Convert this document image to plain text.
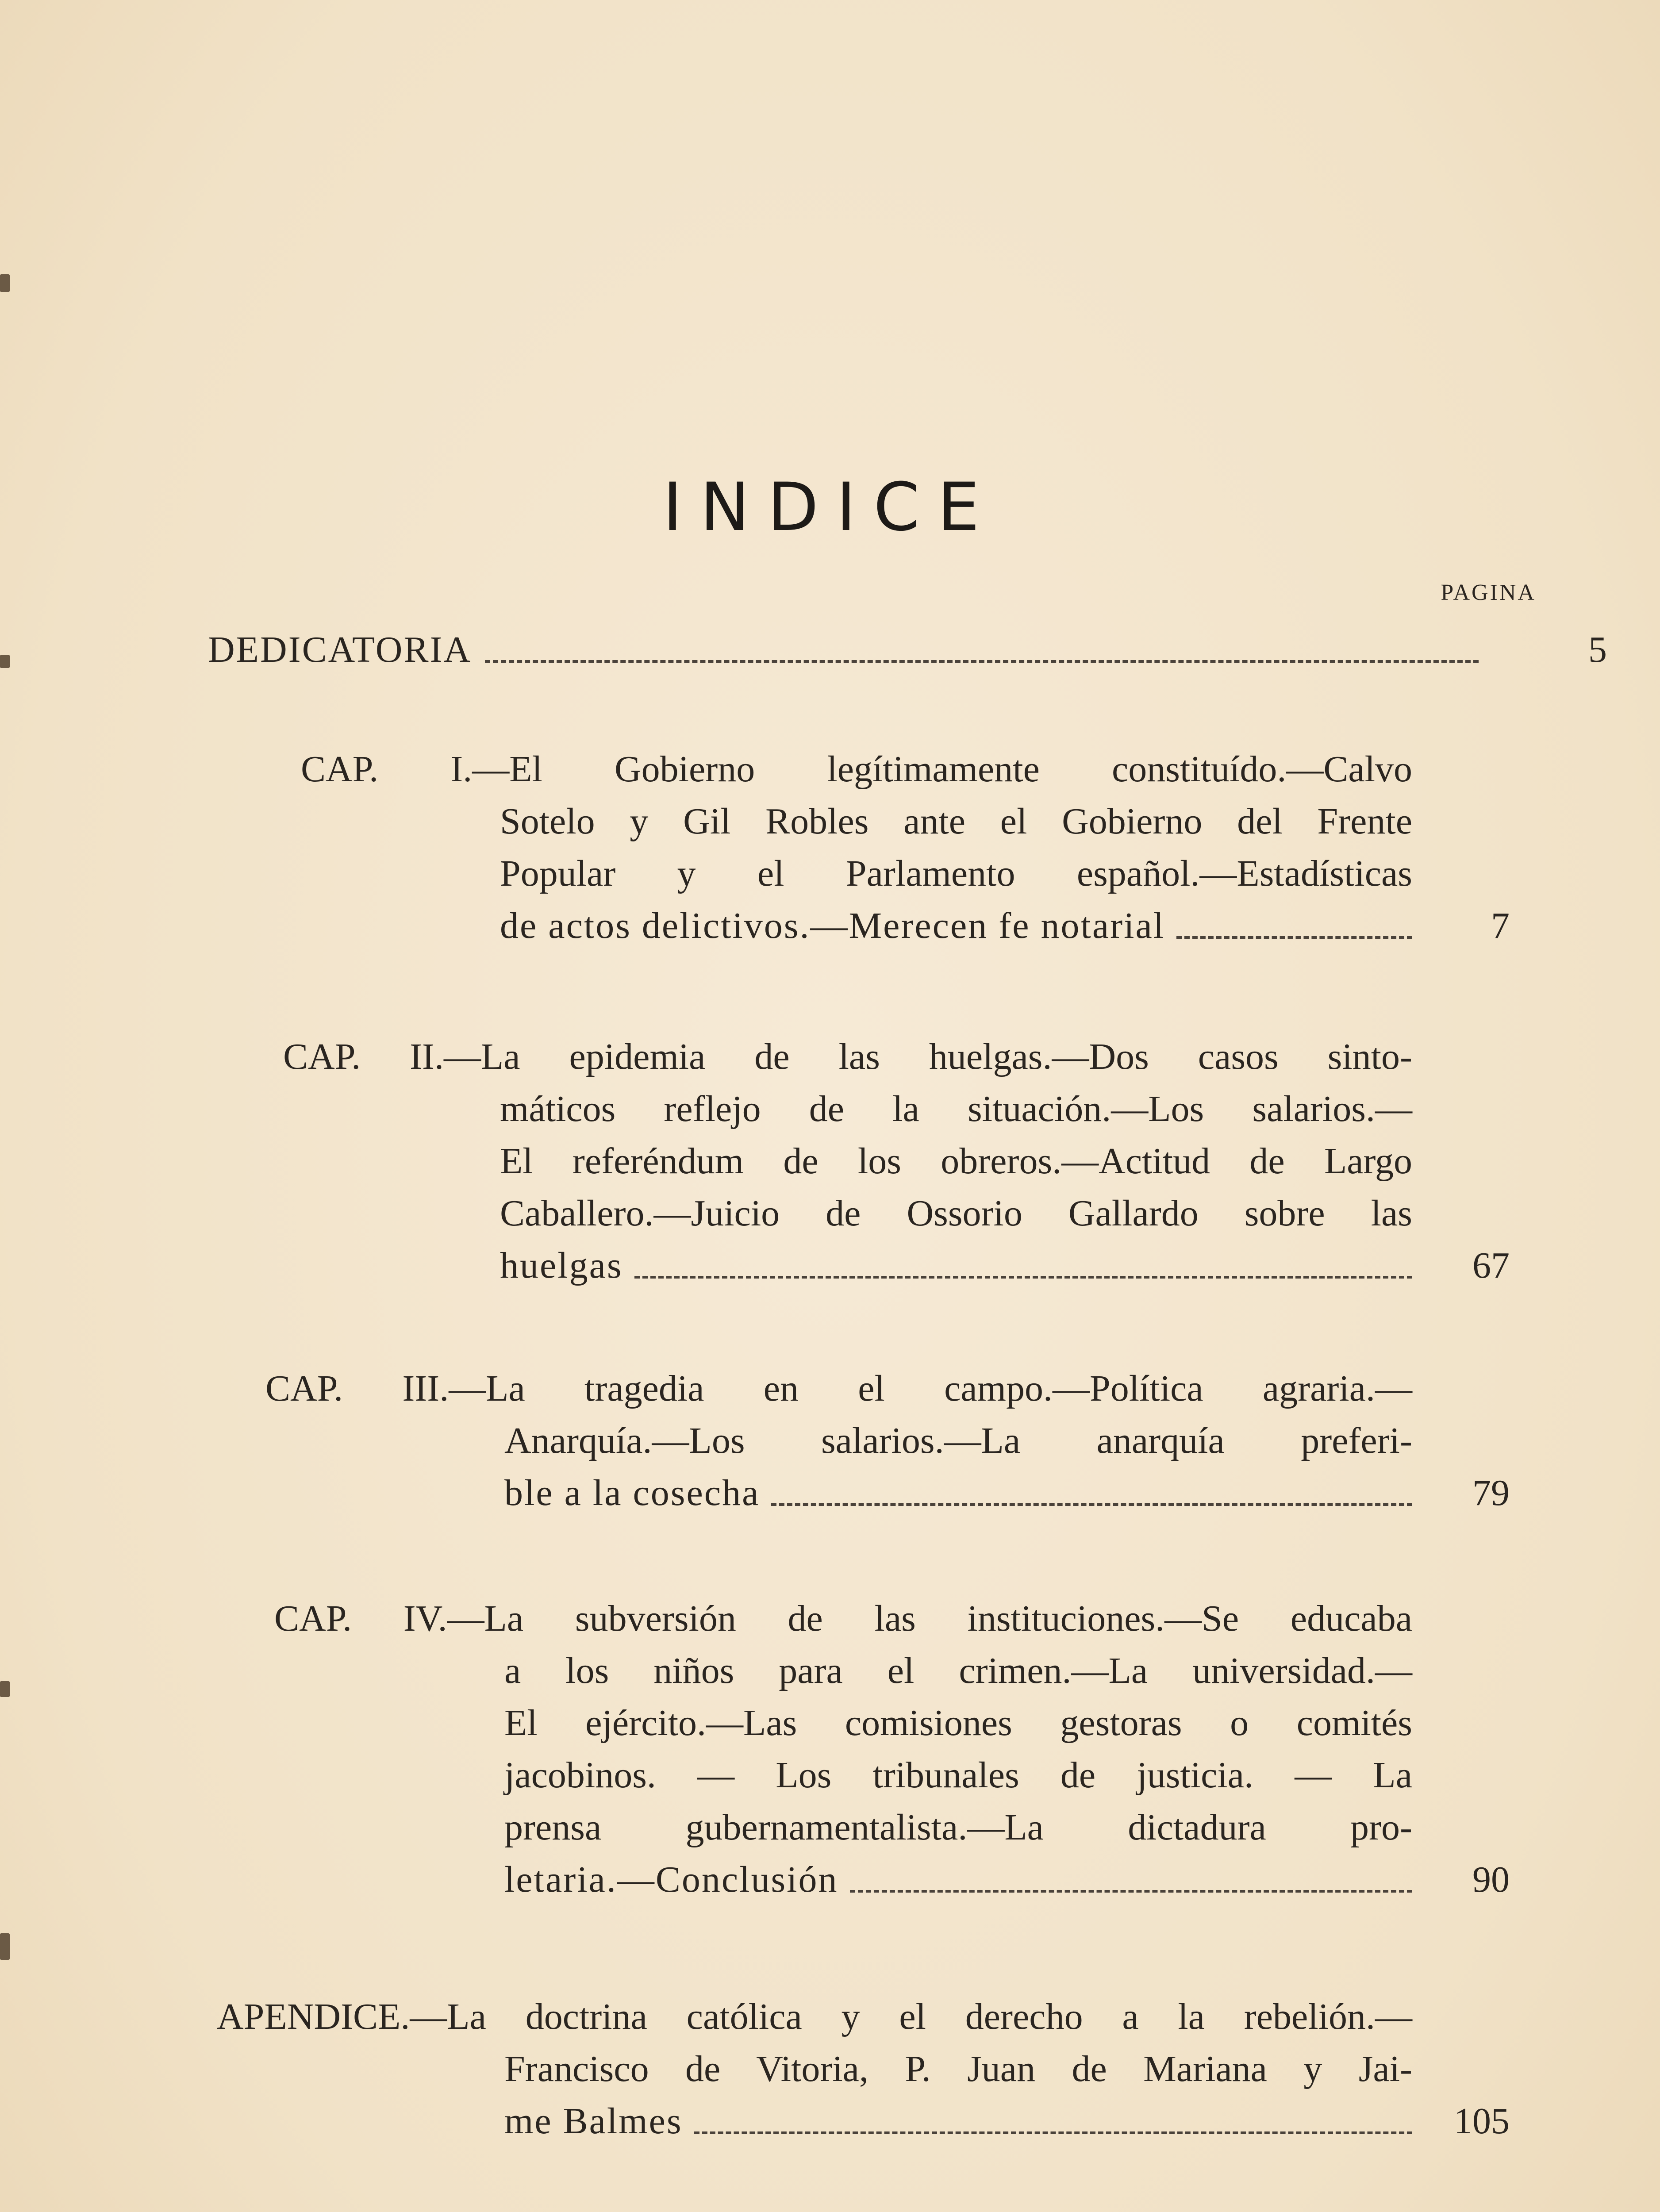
INDICE
PAGINA
DEDICATORIA	5
CAP. I.—El Gobierno legítimamente constituído.—Calvo
Sotelo y Gil Robles ante el Gobierno del Frente
Popular y el Parlamento español.—Estadísticas
de actos delictivos.—Merecen fe notarial	7
CAP. II.—La epidemia de las huelgas.—Dos casos sinto-
máticos reflejo de la situación.—Los salarios.—
El referéndum de los obreros.—Actitud de Largo
Caballero.—Juicio de Ossorio Gallardo sobre las
huelgas	67
CAP. III.—La tragedia en el campo.—Política agraria.—
Anarquía.—Los salarios.—La anarquía preferi-
ble a la cosecha	79
CAP. IV.—La subversión de las instituciones.—Se educaba
a los niños para el crimen.—La universidad.—
El ejército.—Las comisiones gestoras o comités
jacobinos. — Los tribunales de justicia. — La
prensa gubernamentalista.—La dictadura pro-
letaria.—Conclusión	90
APENDICE.—La doctrina católica y el derecho a la rebelión.—
Francisco de Vitoria, P. Juan de Mariana y Jai-
me Balmes	105
